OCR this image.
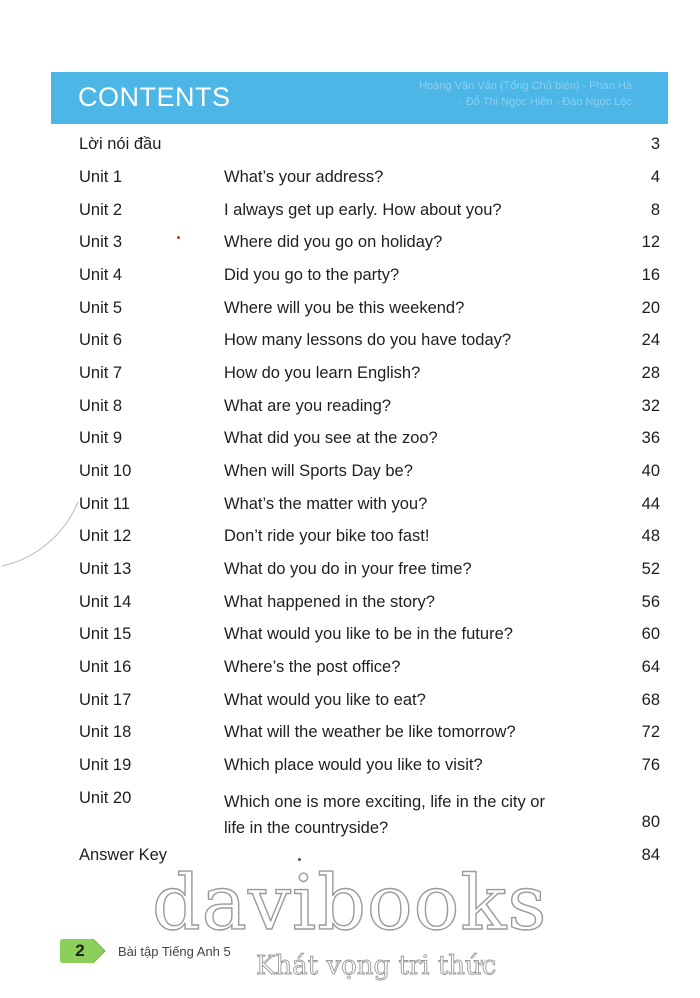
CONTENTS	Hoàng Văn Vân (Tổng Chủ biên) - Phan Hà
- Đỗ Thị Ngọc Hiền - Đào Ngọc Lộc
Lời nói đầu	3
Unit 1	What’s your address?	4
Unit 2	I always get up early. How about you?	8
Unit 3	Where did you go on holiday?	12
Unit 4	Did you go to the party?	16
Unit 5	Where will you be this weekend?	20
Unit 6	How many lessons do you have today?	24
Unit 7	How do you learn English?	28
Unit 8	What are you reading?	32
Unit 9	What did you see at the zoo?	36
Unit 10	When will Sports Day be?	40
Unit 11	What’s the matter with you?	44
Unit 12	Don’t ride your bike too fast!	48
Unit 13	What do you do in your free time?	52
Unit 14	What happened in the story?	56
Unit 15	What would you like to be in the future?	60
Unit 16	Where’s the post office?	64
Unit 17	What would you like to eat?	68
Unit 18	What will the weather be like tomorrow?	72
Unit 19	Which place would you like to visit?	76
Unit 20	Which one is more exciting, life in the city or
life in the countryside?	80
Answer Key	84
davibooks
Khát vọng tri thức
2	Bài tập Tiếng Anh 5
